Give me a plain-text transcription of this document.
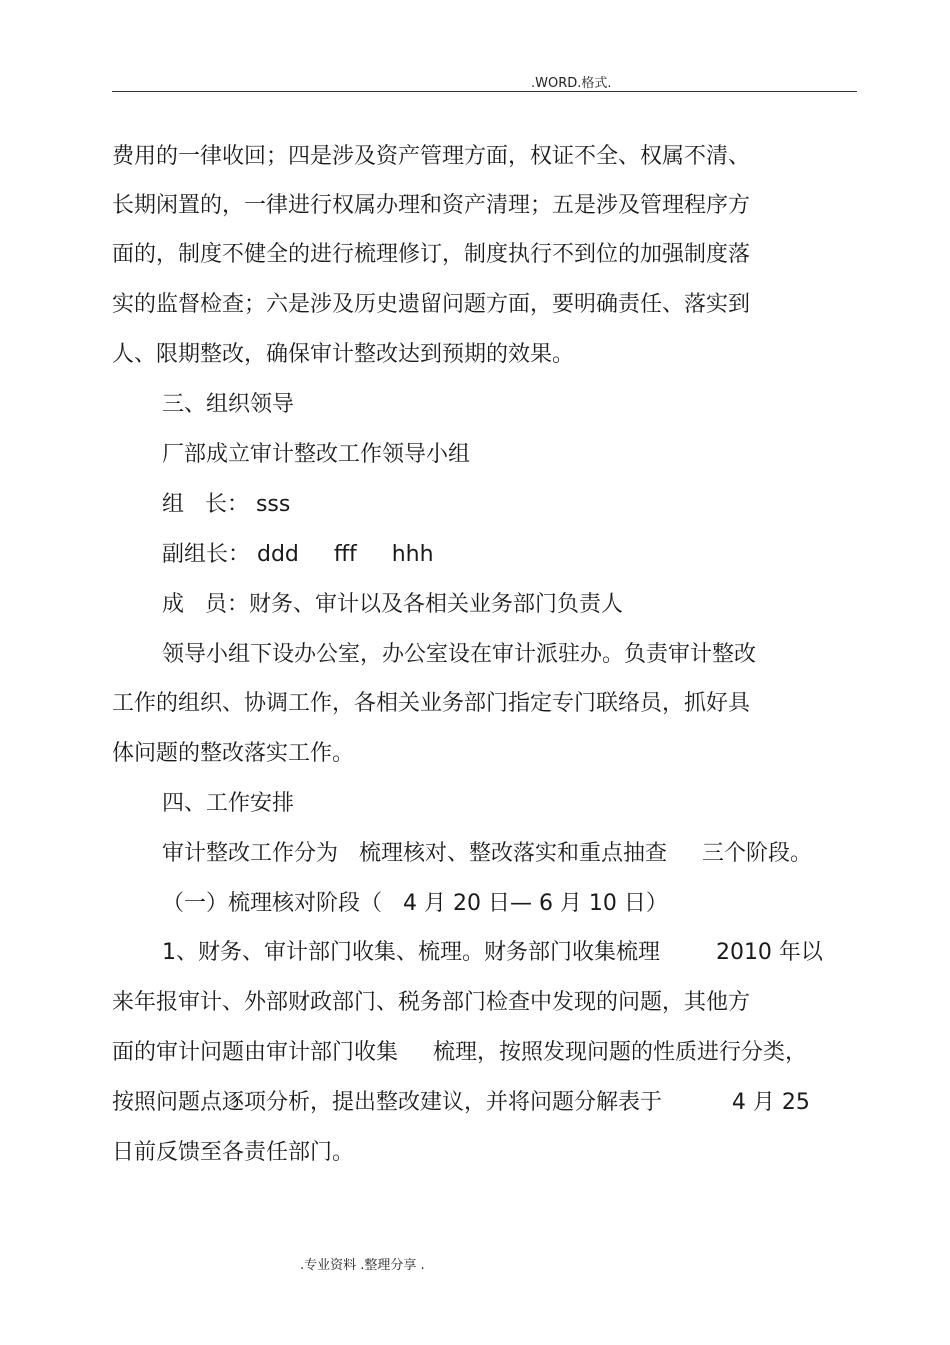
.WORD.格式.
费用的一律收回；四是涉及资产管理方面，权证不全、权属不清、
长期闲置的，一律进行权属办理和资产清理；五是涉及管理程序方
面的，制度不健全的进行梳理修订，制度执行不到位的加强制度落
实的监督检查；六是涉及历史遗留问题方面，要明确责任、落实到
人、限期整改，确保审计整改达到预期的效果。
三、组织领导
厂部成立审计整改工作领导小组
组   长： sss
副组长： ddd     fff     hhh
成   员：财务、审计以及各相关业务部门负责人
领导小组下设办公室，办公室设在审计派驻办。负责审计整改
工作的组织、协调工作，各相关业务部门指定专门联络员，抓好具
体问题的整改落实工作。
四、工作安排
审计整改工作分为   梳理核对、整改落实和重点抽查     三个阶段。
（一）梳理核对阶段（   4 月 20 日— 6 月 10 日）
1、财务、审计部门收集、梳理。财务部门收集梳理        2010 年以
来年报审计、外部财政部门、税务部门检查中发现的问题，其他方
面的审计问题由审计部门收集     梳理，按照发现问题的性质进行分类，
按照问题点逐项分析，提出整改建议，并将问题分解表于          4 月 25
日前反馈至各责任部门。
.专业资料 .整理分享 .
